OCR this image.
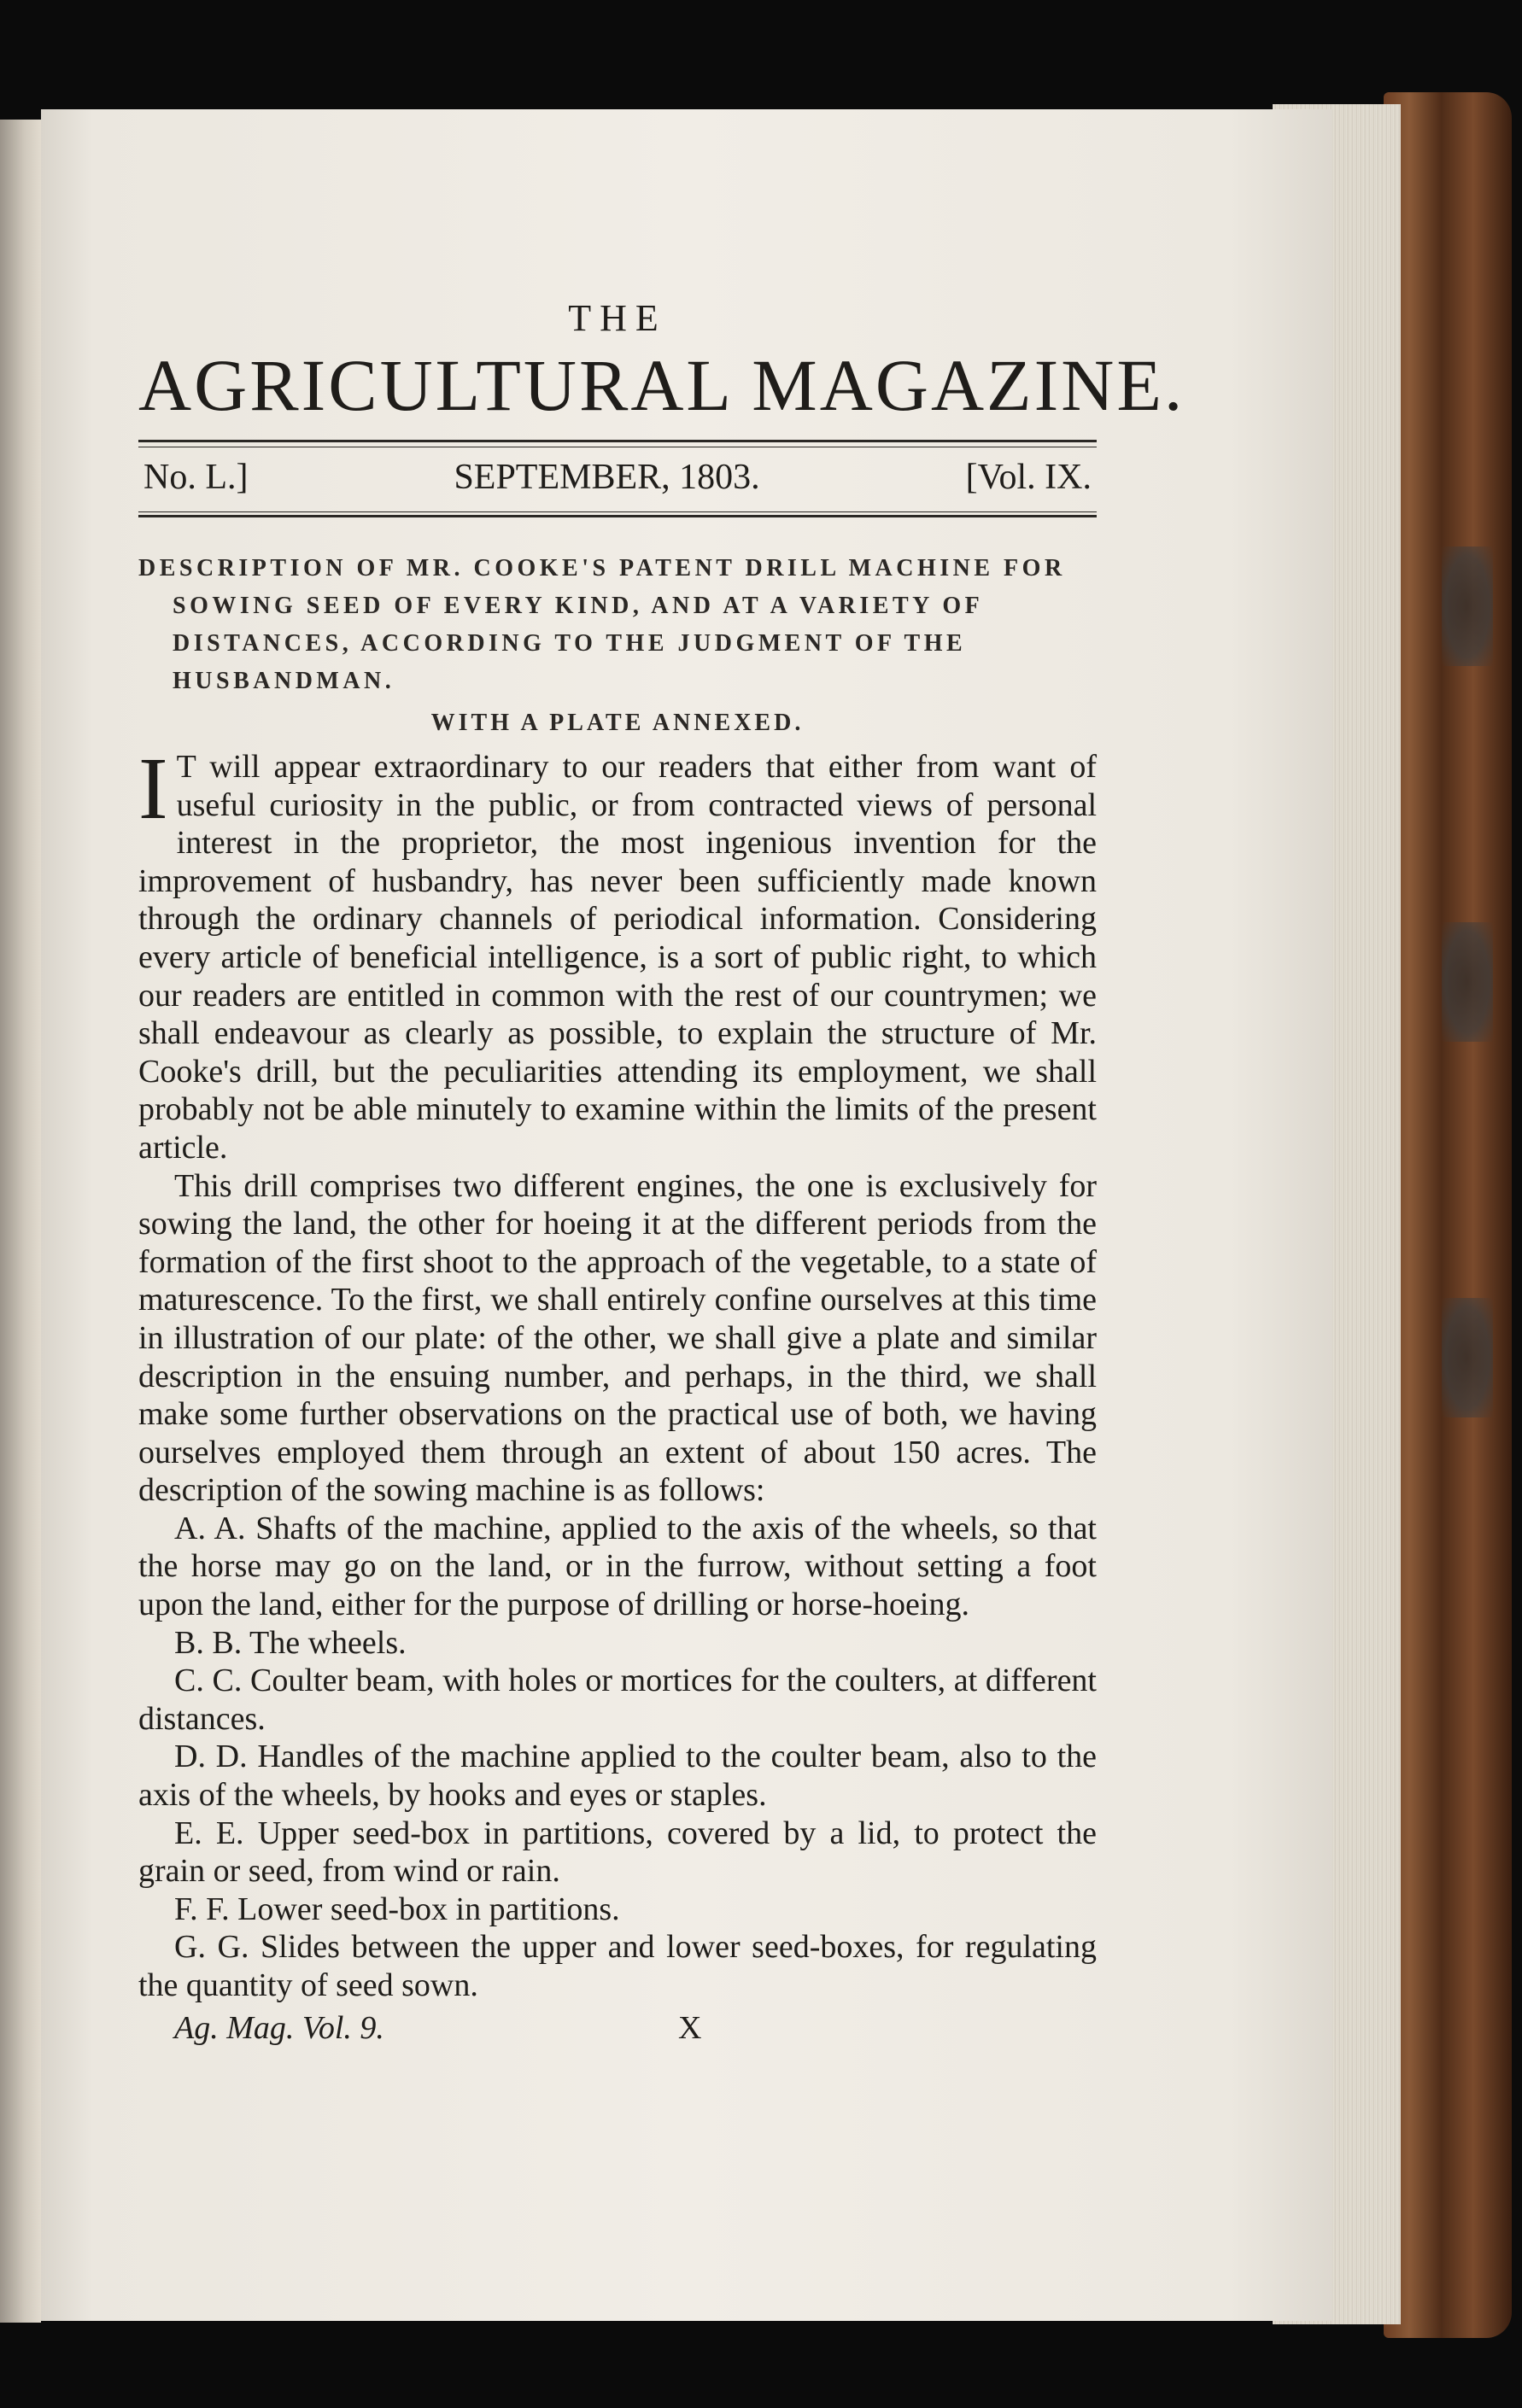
THE

AGRICULTURAL MAGAZINE.

No. L.]	SEPTEMBER, 1803.	[Vol. IX.
DESCRIPTION OF MR. COOKE'S PATENT DRILL MACHINE FOR SOWING SEED OF EVERY KIND, AND AT A VARIETY OF DISTANCES, ACCORDING TO THE JUDGMENT OF THE HUSBANDMAN.
WITH A PLATE ANNEXED.

I T will appear extraordinary to our readers that either from want of useful curiosity in the public, or from contracted views of personal interest in the proprietor, the most ingenious invention for the improvement of husbandry, has never been sufficiently made known through the ordinary channels of periodical information. Considering every article of beneficial intelligence, is a sort of public right, to which our readers are entitled in common with the rest of our countrymen; we shall endeavour as clearly as possible, to explain the structure of Mr. Cooke's drill, but the peculiarities attending its employment, we shall probably not be able minutely to examine within the limits of the present article.

This drill comprises two different engines, the one is exclusively for sowing the land, the other for hoeing it at the different periods from the formation of the first shoot to the approach of the vegetable, to a state of maturescence. To the first, we shall entirely confine ourselves at this time in illustration of our plate: of the other, we shall give a plate and similar description in the ensuing number, and perhaps, in the third, we shall make some further observations on the practical use of both, we having ourselves employed them through an extent of about 150 acres. The description of the sowing machine is as follows:

A. A. Shafts of the machine, applied to the axis of the wheels, so that the horse may go on the land, or in the furrow, without setting a foot upon the land, either for the purpose of drilling or horse-hoeing.

B. B. The wheels.

C. C. Coulter beam, with holes or mortices for the coulters, at different distances.

D. D. Handles of the machine applied to the coulter beam, also to the axis of the wheels, by hooks and eyes or staples.

E. E. Upper seed-box in partitions, covered by a lid, to protect the grain or seed, from wind or rain.

F. F. Lower seed-box in partitions.

G. G. Slides between the upper and lower seed-boxes, for regulating the quantity of seed sown.

Ag. Mag. Vol. 9.	X
